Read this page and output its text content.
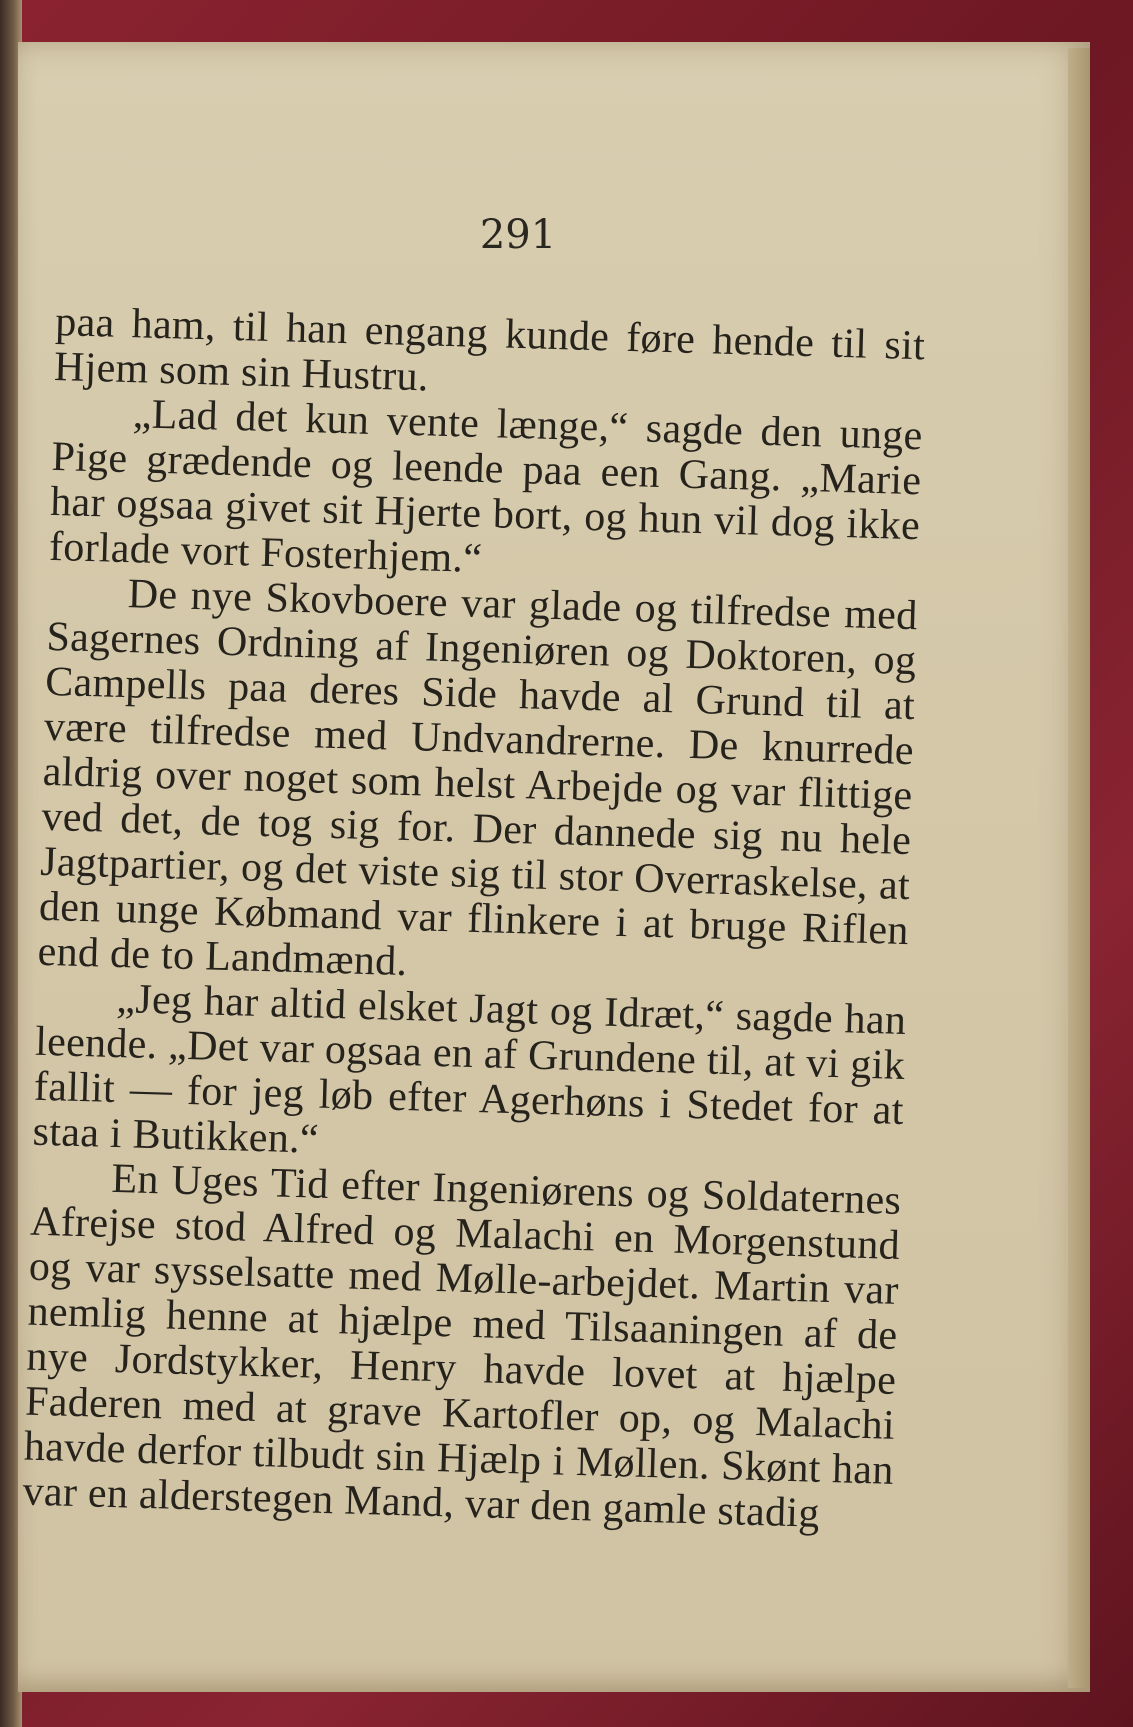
291

paa ham, til han engang kunde føre hende til sit Hjem som sin Hustru.

„Lad det kun vente længe,“ sagde den unge Pige grædende og leende paa een Gang. „Marie har ogsaa givet sit Hjerte bort, og hun vil dog ikke forlade vort Fosterhjem.“

De nye Skovboere var glade og tilfredse med Sagernes Ordning af Ingeniøren og Doktoren, og Campells paa deres Side havde al Grund til at være tilfredse med Undvandrerne. De knurrede aldrig over noget som helst Arbejde og var flittige ved det, de tog sig for. Der dannede sig nu hele Jagtpartier, og det viste sig til stor Overraskelse, at den unge Købmand var flinkere i at bruge Riflen end de to Landmænd.

„Jeg har altid elsket Jagt og Idræt,“ sagde han leende. „Det var ogsaa en af Grundene til, at vi gik fallit — for jeg løb efter Agerhøns i Stedet for at staa i Butikken.“

En Uges Tid efter Ingeniørens og Soldaternes Afrejse stod Alfred og Malachi en Morgenstund og var sysselsatte med Mølle-arbejdet. Martin var nemlig henne at hjælpe med Tilsaaningen af de nye Jordstykker, Henry havde lovet at hjælpe Faderen med at grave Kartofler op, og Malachi havde derfor tilbudt sin Hjælp i Møllen. Skønt han var en alderstegen Mand, var den gamle stadig
